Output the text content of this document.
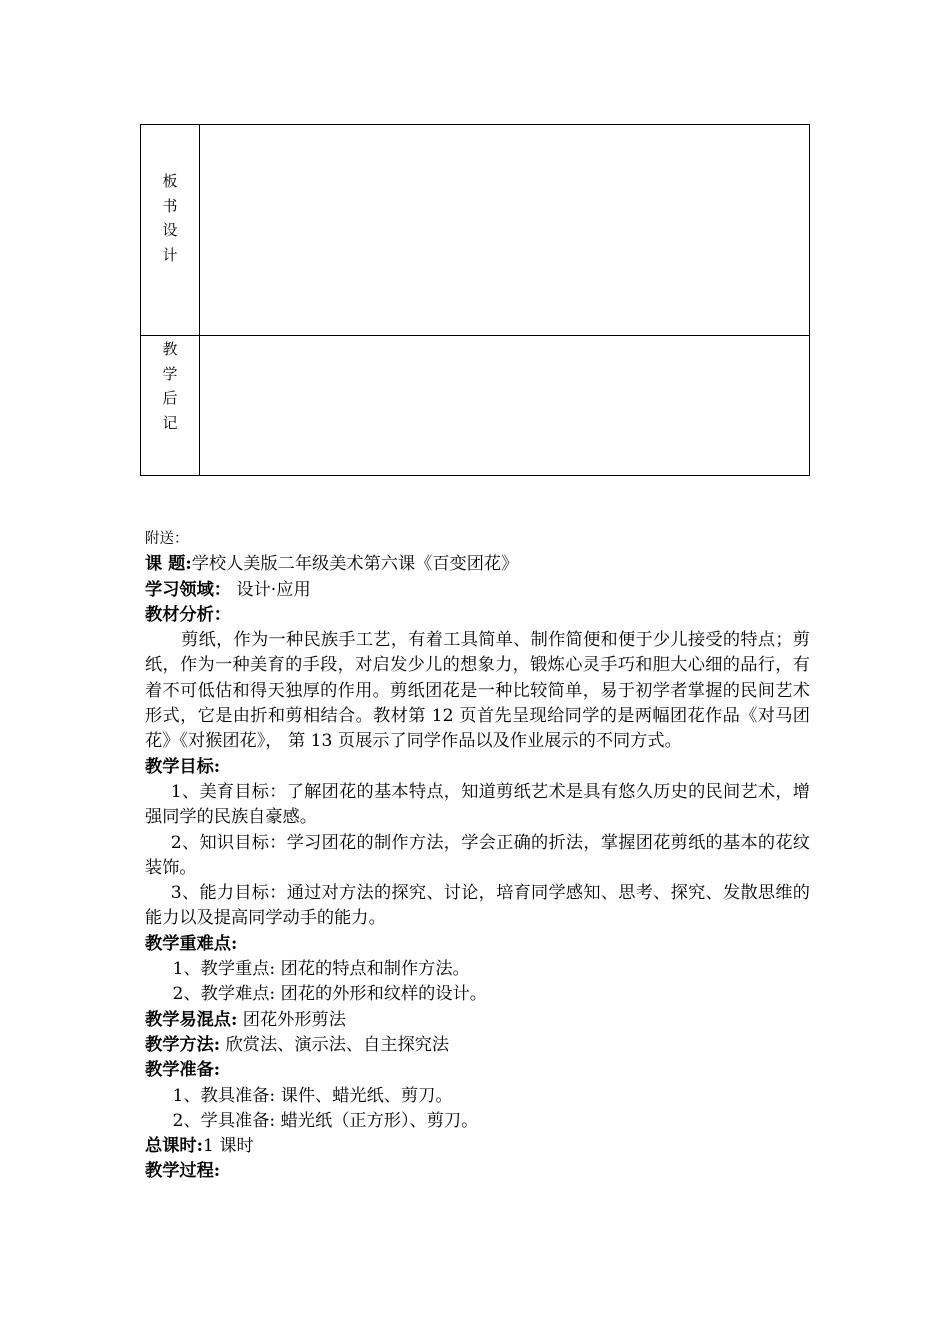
板书设计	
教学后记	

附送：

课 题:学校人美版二年级美术第六课《百变团花》

学习领域： 设计·应用

教材分析：

剪纸，作为一种民族手工艺，有着工具简单、制作简便和便于少儿接受的特点；剪纸，作为一种美育的手段，对启发少儿的想象力，锻炼心灵手巧和胆大心细的品行，有着不可低估和得天独厚的作用。剪纸团花是一种比较简单，易于初学者掌握的民间艺术形式，它是由折和剪相结合。教材第 12 页首先呈现给同学的是两幅团花作品《对马团花》《对猴团花》， 第 13 页展示了同学作品以及作业展示的不同方式。

教学目标:

1、美育目标：了解团花的基本特点，知道剪纸艺术是具有悠久历史的民间艺术，增强同学的民族自豪感。

2、知识目标：学习团花的制作方法，学会正确的折法，掌握团花剪纸的基本的花纹装饰。

3、能力目标：通过对方法的探究、讨论，培育同学感知、思考、探究、发散思维的能力以及提高同学动手的能力。

教学重难点:

1、教学重点: 团花的特点和制作方法。

2、教学难点: 团花的外形和纹样的设计。

教学易混点: 团花外形剪法

教学方法: 欣赏法、演示法、自主探究法

教学准备:

1、教具准备: 课件、蜡光纸、剪刀。

2、学具准备: 蜡光纸（正方形）、剪刀。

总课时:1 课时

教学过程:
